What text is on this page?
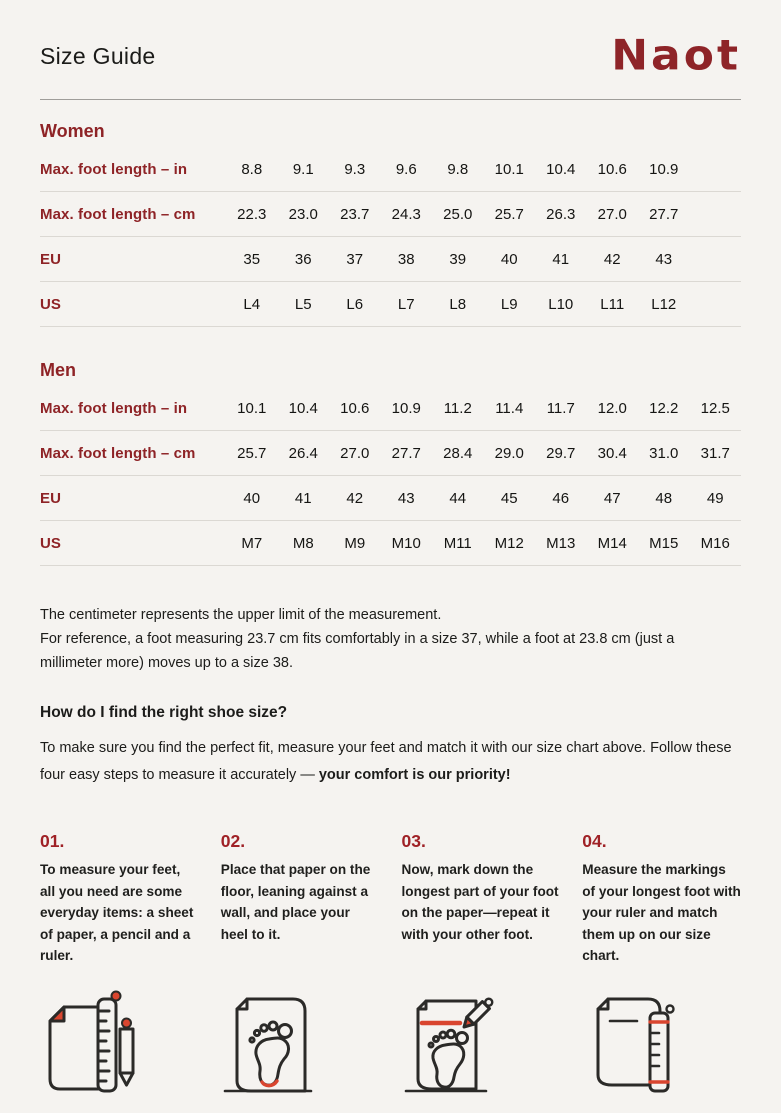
Size Guide	Naot
Women
Max. foot length – in	8.8	9.1	9.3	9.6	9.8	10.1	10.4	10.6	10.9
Max. foot length – cm	22.3	23.0	23.7	24.3	25.0	25.7	26.3	27.0	27.7
EU	35	36	37	38	39	40	41	42	43
US	L4	L5	L6	L7	L8	L9	L10	L11	L12
Men
Max. foot length – in	10.1	10.4	10.6	10.9	11.2	11.4	11.7	12.0	12.2	12.5
Max. foot length – cm	25.7	26.4	27.0	27.7	28.4	29.0	29.7	30.4	31.0	31.7
EU	40	41	42	43	44	45	46	47	48	49
US	M7	M8	M9	M10	M11	M12	M13	M14	M15	M16

The centimeter represents the upper limit of the measurement.

For reference, a foot measuring 23.7 cm fits comfortably in a size 37, while a foot at 23.8 cm (just a millimeter more) moves up to a size 38.

How do I find the right shoe size?

To make sure you find the perfect fit, measure your feet and match it with our size chart above. Follow these four easy steps to measure it accurately — your comfort is our priority!

01.
To measure your feet, all you need are some everyday items: a sheet of paper, a pencil and a ruler.
02.
Place that paper on the floor, leaning against a wall, and place your heel to it.
03.
Now, mark down the longest part of your foot on the paper—repeat it with your other foot.
04.
Measure the markings of your longest foot with your ruler and match them up on our size chart.
